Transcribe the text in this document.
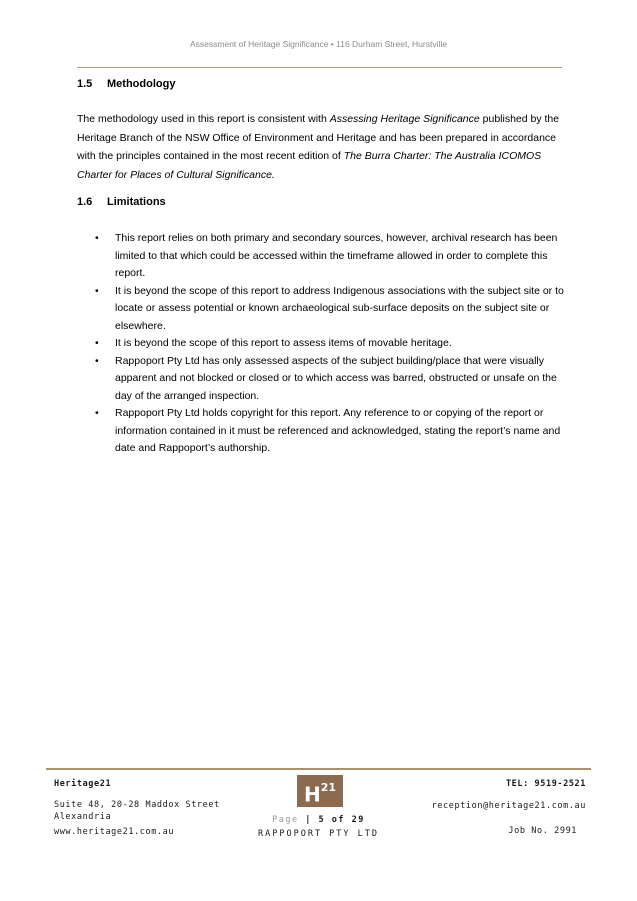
Assessment of Heritage Significance • 116 Durham Street, Hurstville
1.5 Methodology

The methodology used in this report is consistent with Assessing Heritage Significance published by the Heritage Branch of the NSW Office of Environment and Heritage and has been prepared in accordance with the principles contained in the most recent edition of The Burra Charter: The Australia ICOMOS Charter for Places of Cultural Significance.

1.6 Limitations
• This report relies on both primary and secondary sources, however, archival research has been limited to that which could be accessed within the timeframe allowed in order to complete this report.
• It is beyond the scope of this report to address Indigenous associations with the subject site or to locate or assess potential or known archaeological sub-surface deposits on the subject site or elsewhere.
• It is beyond the scope of this report to assess items of movable heritage.
• Rappoport Pty Ltd has only assessed aspects of the subject building/place that were visually apparent and not blocked or closed or to which access was barred, obstructed or unsafe on the day of the arranged inspection.
• Rappoport Pty Ltd holds copyright for this report. Any reference to or copying of the report or information contained in it must be referenced and acknowledged, stating the report’s name and date and Rappoport’s authorship.
Heritage21
Suite 48, 20-28 Maddox Street
Alexandria
www.heritage21.com.au
$H^{21}$
Page | 5 of 29
RAPPOPORT PTY LTD
TEL: 9519-2521
reception@heritage21.com.au
Job No. 2991
